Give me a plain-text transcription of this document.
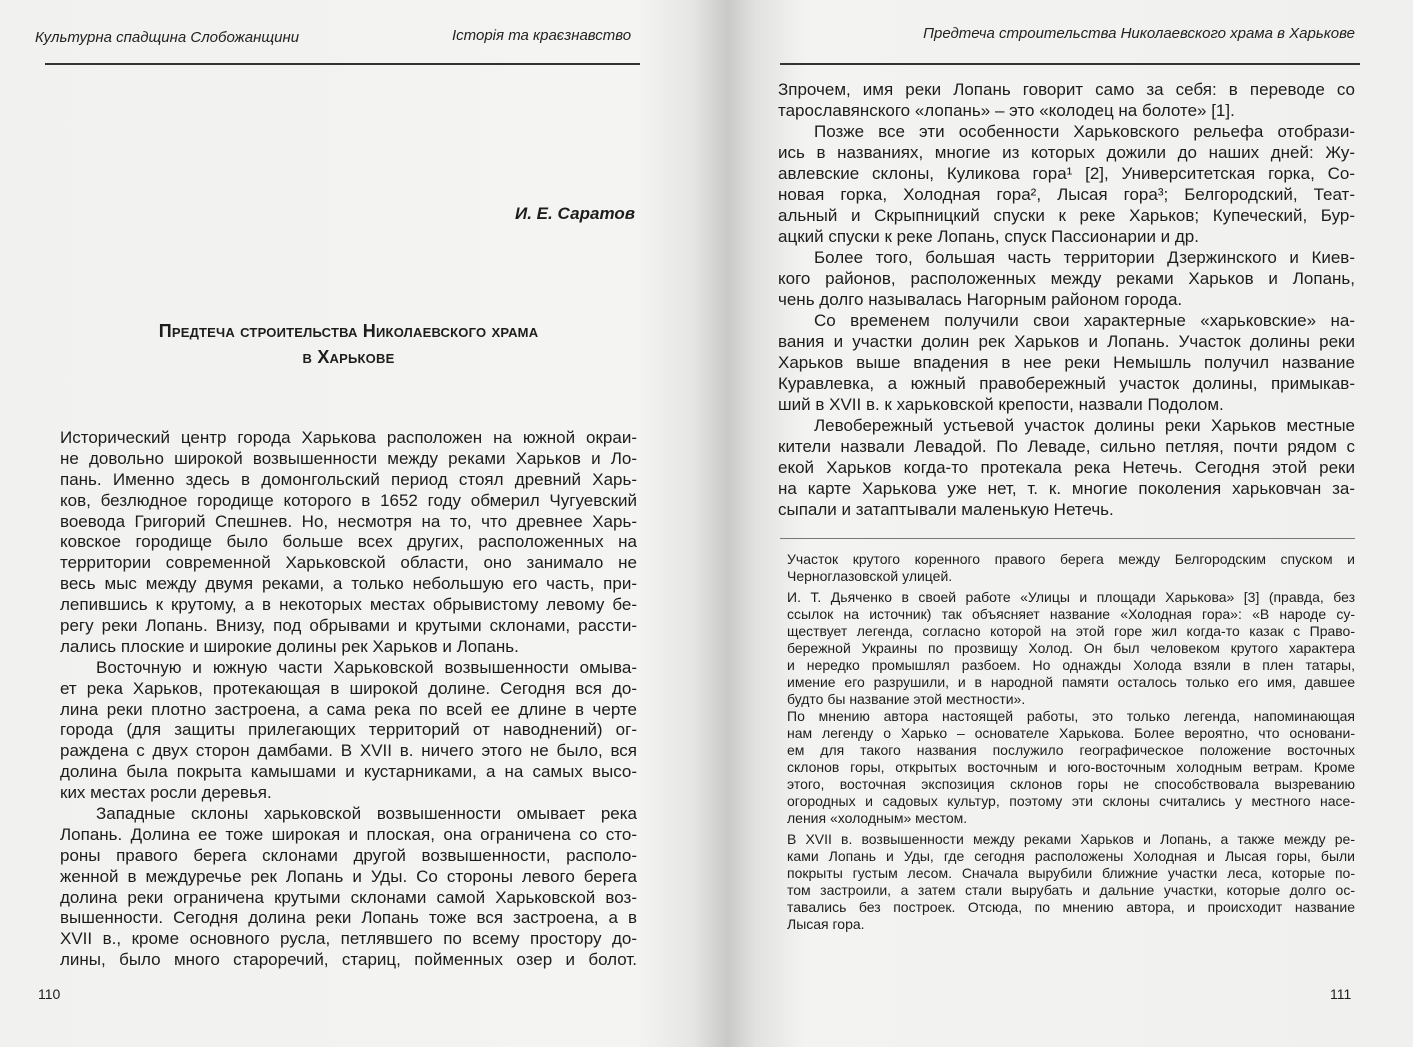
Культурна спадщина Слобожанщини	Історія та краєзнавство
И. Е. Саратов
Предтеча строительства Николаевского храма
в Харькове
Исторический центр города Харькова расположен на южной окраи-
не довольно широкой возвышенности между реками Харьков и Ло-
пань. Именно здесь в домонгольский период стоял древний Харь-
ков, безлюдное городище которого в 1652 году обмерил Чугуевский
воевода Григорий Спешнев. Но, несмотря на то, что древнее Харь-
ковское городище было больше всех других, расположенных на
территории современной Харьковской области, оно занимало не
весь мыс между двумя реками, а только небольшую его часть, при-
лепившись к крутому, а в некоторых местах обрывистому левому бе-
регу реки Лопань. Внизу, под обрывами и крутыми склонами, рассти-
лались плоские и широкие долины рек Харьков и Лопань.
Восточную и южную части Харьковской возвышенности омыва-
ет река Харьков, протекающая в широкой долине. Сегодня вся до-
лина реки плотно застроена, а сама река по всей ее длине в черте
города (для защиты прилегающих территорий от наводнений) ог-
раждена с двух сторон дамбами. В XVII в. ничего этого не было, вся
долина была покрыта камышами и кустарниками, а на самых высо-
ких местах росли деревья.
Западные склоны харьковской возвышенности омывает река
Лопань. Долина ее тоже широкая и плоская, она ограничена со сто-
роны правого берега склонами другой возвышенности, располо-
женной в междуречье рек Лопань и Уды. Со стороны левого берега
долина реки ограничена крутыми склонами самой Харьковской воз-
вышенности. Сегодня долина реки Лопань тоже вся застроена, а в
XVII в., кроме основного русла, петлявшего по всему простору до-
лины, было много староречий, стариц, пойменных озер и болот.
110
Предтеча строительства Николаевского храма в Харькове
Зпрочем, имя реки Лопань говорит само за себя: в переводе со
тарославянского «лопань» – это «колодец на болоте» [1].
Позже все эти особенности Харьковского рельефа отобрази-
ись в названиях, многие из которых дожили до наших дней: Жу-
авлевские склоны, Куликова гора¹ [2], Университетская горка, Со-
новая горка, Холодная гора², Лысая гора³; Белгородский, Теат-
альный и Скрыпницкий спуски к реке Харьков; Купеческий, Бур-
ацкий спуски к реке Лопань, спуск Пассионарии и др.
Более того, большая часть территории Дзержинского и Киев-
кого районов, расположенных между реками Харьков и Лопань,
чень долго называлась Нагорным районом города.
Со временем получили свои характерные «харьковские» на-
вания и участки долин рек Харьков и Лопань. Участок долины реки
Харьков выше впадения в нее реки Немышль получил название
Куравлевка, а южный правобережный участок долины, примыкав-
ший в XVII в. к харьковской крепости, назвали Подолом.
Левобережный устьевой участок долины реки Харьков местные
кители назвали Левадой. По Леваде, сильно петляя, почти рядом с
екой Харьков когда-то протекала река Нетечь. Сегодня этой реки
на карте Харькова уже нет, т. к. многие поколения харьковчан за-
сыпали и затаптывали маленькую Нетечь.
Участок крутого коренного правого берега между Белгородским спуском и
Черноглазовской улицей.
И. Т. Дьяченко в своей работе «Улицы и площади Харькова» [3] (правда, без
ссылок на источник) так объясняет название «Холодная гора»: «В народе су-
ществует легенда, согласно которой на этой горе жил когда-то казак с Право-
бережной Украины по прозвищу Холод. Он был человеком крутого характера
и нередко промышлял разбоем. Но однажды Холода взяли в плен татары,
имение его разрушили, и в народной памяти осталось только его имя, давшее
будто бы название этой местности».
По мнению автора настоящей работы, это только легенда, напоминающая
нам легенду о Харько – основателе Харькова. Более вероятно, что основани-
ем для такого названия послужило географическое положение восточных
склонов горы, открытых восточным и юго-восточным холодным ветрам. Кроме
этого, восточная экспозиция склонов горы не способствовала вызреванию
огородных и садовых культур, поэтому эти склоны считались у местного насе-
ления «холодным» местом.
В XVII в. возвышенности между реками Харьков и Лопань, а также между ре-
ками Лопань и Уды, где сегодня расположены Холодная и Лысая горы, были
покрыты густым лесом. Сначала вырубили ближние участки леса, которые по-
том застроили, а затем стали вырубать и дальние участки, которые долго ос-
тавались без построек. Отсюда, по мнению автора, и происходит название
Лысая гора.
111
